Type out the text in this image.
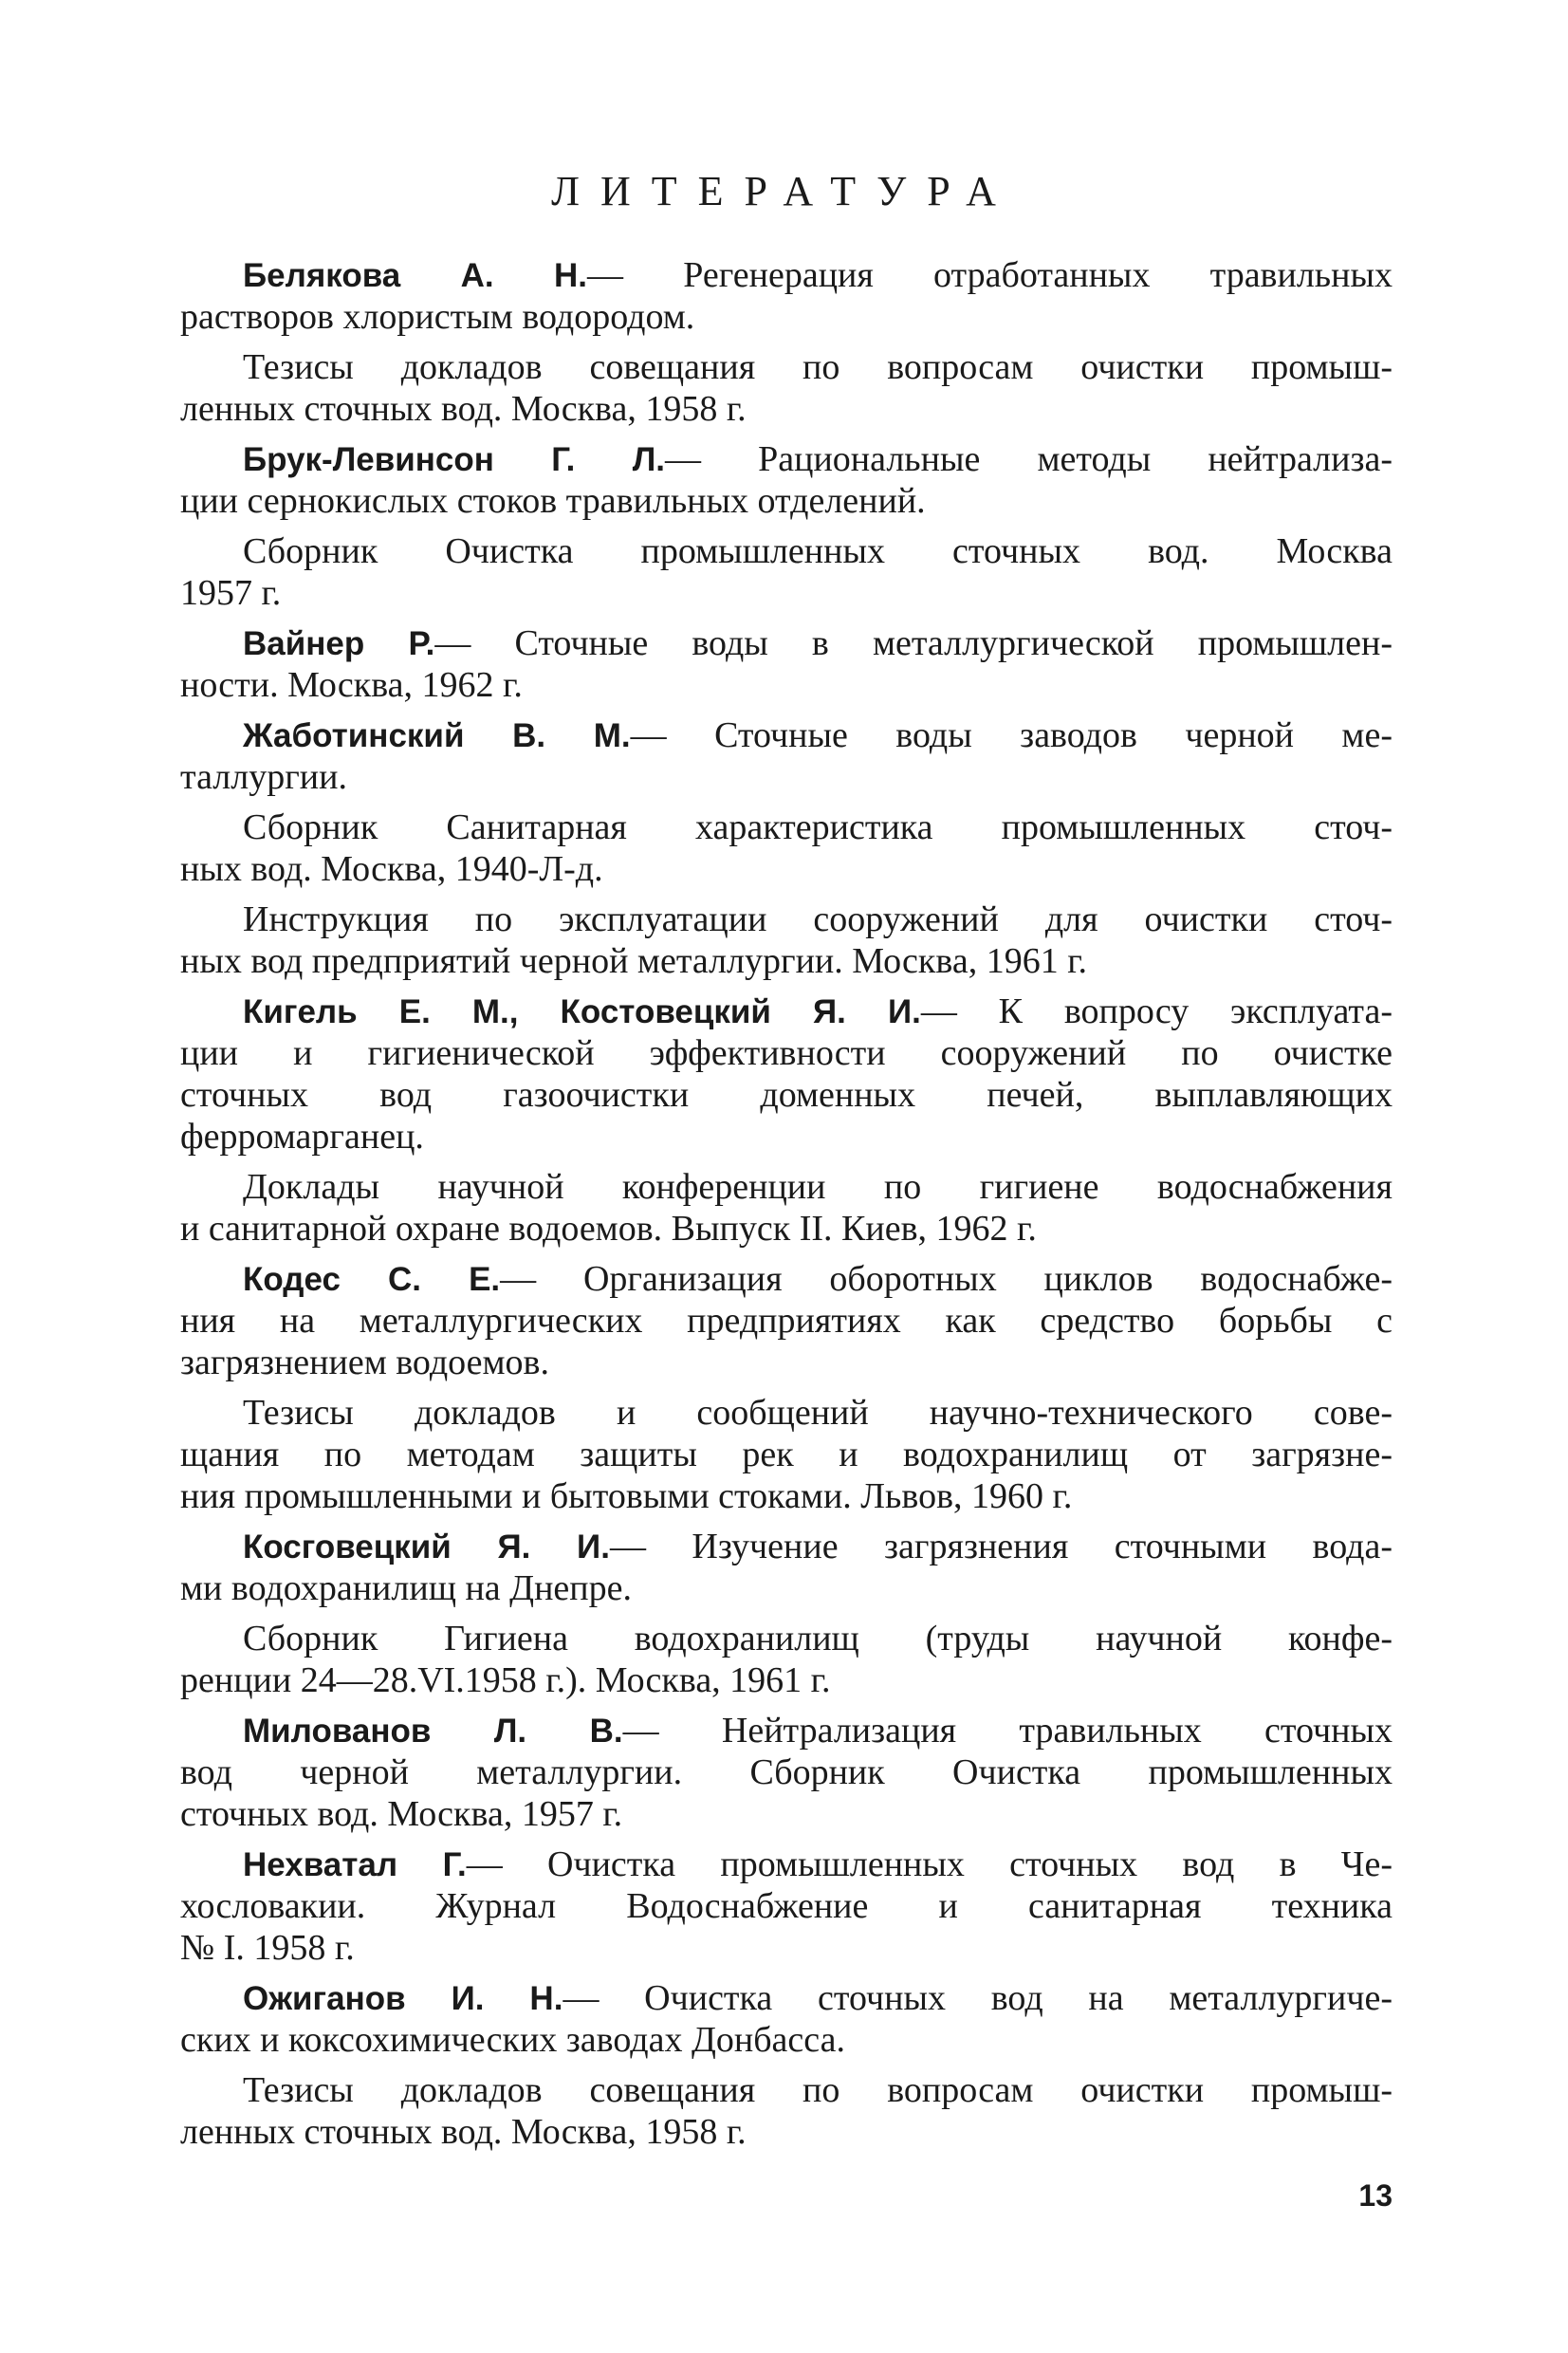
ЛИТЕРАТУРА
Белякова А. Н.— Регенерация отработанных травильных
растворов хлористым водородом.
Тезисы докладов совещания по вопросам очистки промыш-
ленных сточных вод. Москва, 1958 г.
Брук-Левинсон Г. Л.— Рациональные методы нейтрализа-
ции сернокислых стоков травильных отделений.
Сборник Очистка промышленных сточных вод. Москва
1957 г.
Вайнер Р.— Сточные воды в металлургической промышлен-
ности. Москва, 1962 г.
Жаботинский В. М.— Сточные воды заводов черной ме-
таллургии.
Сборник Санитарная характеристика промышленных сточ-
ных вод. Москва, 1940-Л-д.
Инструкция по эксплуатации сооружений для очистки сточ-
ных вод предприятий черной металлургии. Москва, 1961 г.
Кигель Е. М., Костовецкий Я. И.— К вопросу эксплуата-
ции и гигиенической эффективности сооружений по очистке
сточных вод газоочистки доменных печей, выплавляющих
ферромарганец.
Доклады научной конференции по гигиене водоснабжения
и санитарной охране водоемов. Выпуск II. Киев, 1962 г.
Кодес С. Е.— Организация оборотных циклов водоснабже-
ния на металлургических предприятиях как средство борьбы с
загрязнением водоемов.
Тезисы докладов и сообщений научно-технического сове-
щания по методам защиты рек и водохранилищ от загрязне-
ния промышленными и бытовыми стоками. Львов, 1960 г.
Косговецкий Я. И.— Изучение загрязнения сточными вода-
ми водохранилищ на Днепре.
Сборник Гигиена водохранилищ (труды научной конфе-
ренции 24—28.VI.1958 г.). Москва, 1961 г.
Милованов Л. В.— Нейтрализация травильных сточных
вод черной металлургии. Сборник Очистка промышленных
сточных вод. Москва, 1957 г.
Нехватал Г.— Очистка промышленных сточных вод в Че-
хословакии. Журнал Водоснабжение и санитарная техника
№ I. 1958 г.
Ожиганов И. Н.— Очистка сточных вод на металлургиче-
ских и коксохимических заводах Донбасса.
Тезисы докладов совещания по вопросам очистки промыш-
ленных сточных вод. Москва, 1958 г.
13
